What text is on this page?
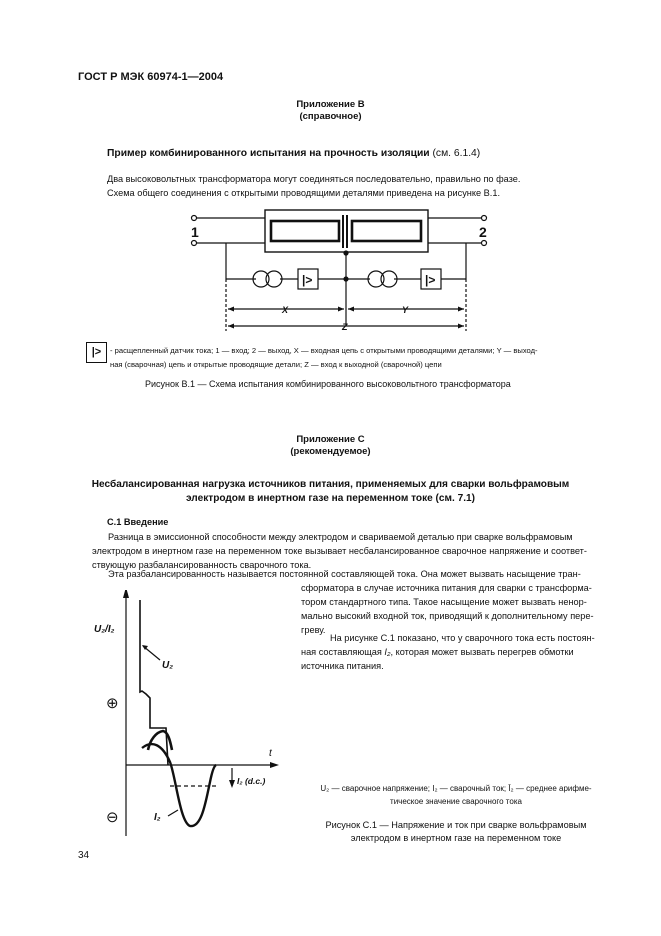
ГОСТ Р МЭК 60974-1—2004
Приложение В
(справочное)
Пример комбинированного испытания на прочность изоляции (см. 6.1.4)
Два высоковольтных трансформатора могут соединяться последовательно, правильно по фазе.
Схема общего соединения с открытыми проводящими деталями приведена на рисунке В.1.
|>	|>
1	2
X	Y
Z
|>	- расщепленный датчик тока; 1 — вход; 2 — выход, X — входная цепь с открытыми проводящими деталями; Y — выход-
ная (сварочная) цепь и открытые проводящие детали; Z — вход к выходной (сварочной) цепи
Рисунок В.1 — Схема испытания комбинированного высоковольтного трансформатора
Приложение С
(рекомендуемое)
Несбалансированная нагрузка источников питания, применяемых для сварки вольфрамовым
электродом в инертном газе на переменном токе (см. 7.1)
С.1 Введение
Разница в эмиссионной способности между электродом и свариваемой деталью при сварке вольфрамовым
электродом в инертном газе на переменном токе вызывает несбалансированное сварочное напряжение и соответ-
ствующую разбалансированность сварочного тока.
Эта разбалансированность называется постоянной составляющей тока. Она может вызвать насыщение тран-
сформатора в случае источника питания для сварки с трансформа-
тором стандартного типа. Такое насыщение может вызвать ненор-
мально высокий входной ток, приводящий к дополнительному пере-
греву.
На рисунке С.1 показано, что у сварочного тока есть постоян-
ная составляющая I₂, которая может вызвать перегрев обмотки
источника питания.
U₂/I₂
U₂
I₂
⊕
⊖
t
I₂ (d.c.)
U₂ — сварочное напряжение; I₂ — сварочный ток; Ī₂ — среднее арифме-
тическое значение сварочного тока
Рисунок С.1 — Напряжение и ток при сварке вольфрамовым
электродом в инертном газе на переменном токе
34
